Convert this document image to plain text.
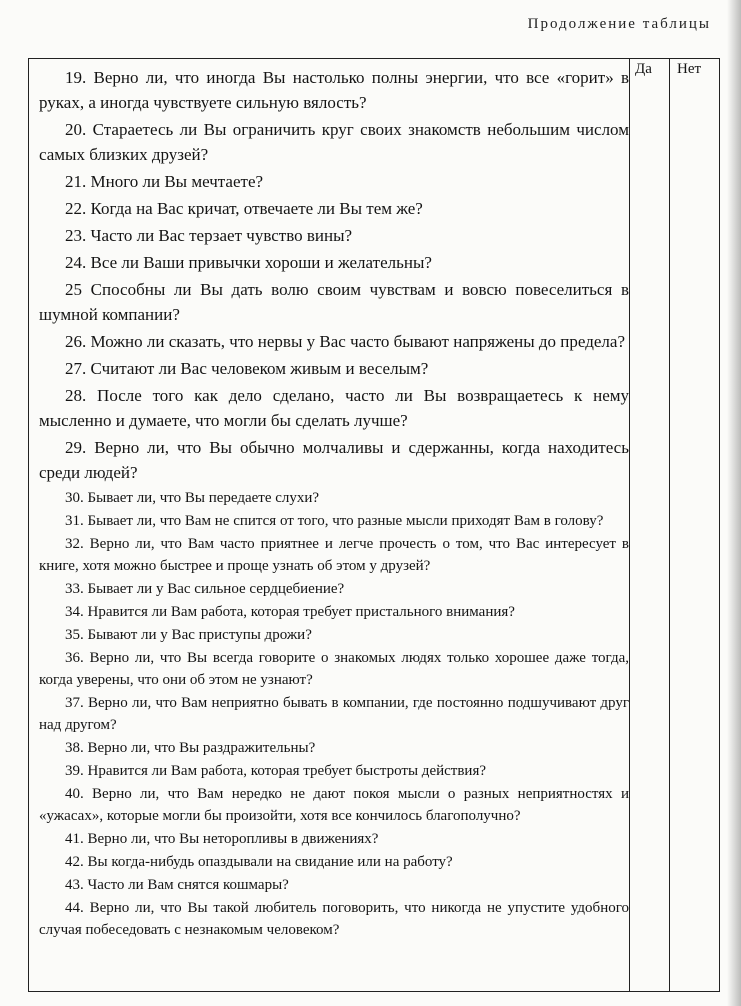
Продолжение таблицы
Да Нет

19. Верно ли, что иногда Вы настолько полны энергии, что все «горит» в руках, а иногда чувствуете сильную вялость?

20. Стараетесь ли Вы ограничить круг своих знакомств небольшим числом самых близких друзей?

21. Много ли Вы мечтаете?

22. Когда на Вас кричат, отвечаете ли Вы тем же?

23. Часто ли Вас терзает чувство вины?

24. Все ли Ваши привычки хороши и желательны?

25 Способны ли Вы дать волю своим чувствам и вовсю повеселиться в шумной компании?

26. Можно ли сказать, что нервы у Вас часто бывают напряжены до предела?

27. Считают ли Вас человеком живым и веселым?

28. После того как дело сделано, часто ли Вы возвращаетесь к нему мысленно и думаете, что могли бы сделать лучше?

29. Верно ли, что Вы обычно молчаливы и сдержанны, когда находитесь среди людей?

30. Бывает ли, что Вы передаете слухи?

31. Бывает ли, что Вам не спится от того, что разные мысли приходят Вам в голову?

32. Верно ли, что Вам часто приятнее и легче прочесть о том, что Вас интересует в книге, хотя можно быстрее и проще узнать об этом у друзей?

33. Бывает ли у Вас сильное сердцебиение?

34. Нравится ли Вам работа, которая требует пристального внимания?

35. Бывают ли у Вас приступы дрожи?

36. Верно ли, что Вы всегда говорите о знакомых людях только хорошее даже тогда, когда уверены, что они об этом не узнают?

37. Верно ли, что Вам неприятно бывать в компании, где постоянно подшучивают друг над другом?

38. Верно ли, что Вы раздражительны?

39. Нравится ли Вам работа, которая требует быстроты действия?

40. Верно ли, что Вам нередко не дают покоя мысли о разных неприятностях и «ужасах», которые могли бы произойти, хотя все кончилось благополучно?

41. Верно ли, что Вы неторопливы в движениях?

42. Вы когда-нибудь опаздывали на свидание или на работу?

43. Часто ли Вам снятся кошмары?

44. Верно ли, что Вы такой любитель поговорить, что никогда не упустите удобного случая побеседовать с незнакомым человеком?
